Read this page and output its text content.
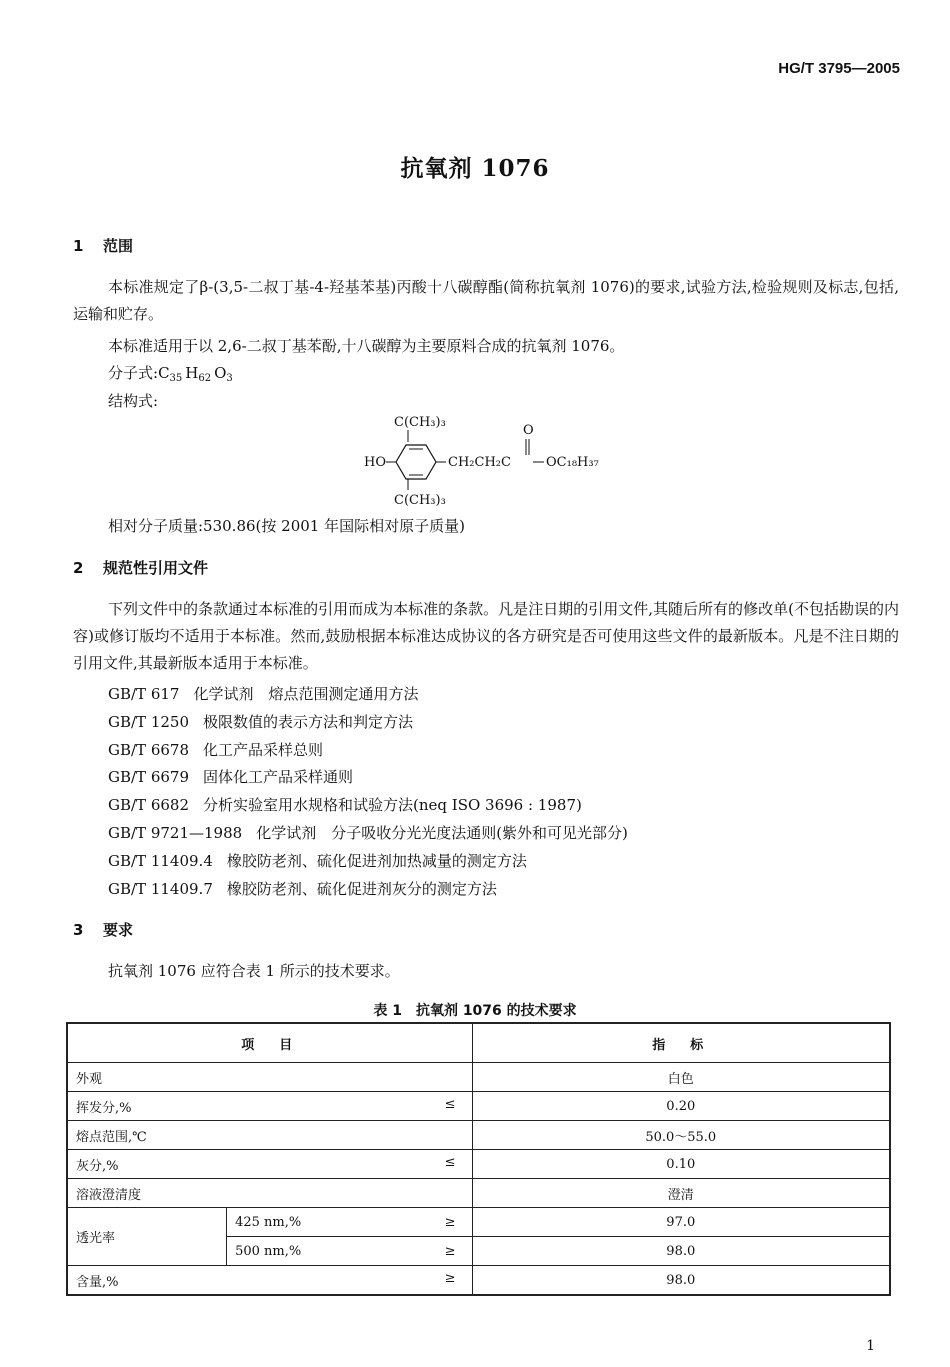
HG/T 3795—2005
抗氧剂 1076
1 范围
本标准规定了β-(3,5-二叔丁基-4-羟基苯基)丙酸十八碳醇酯(简称抗氧剂 1076)的要求,试验方法,检验规则及标志,包括,运输和贮存。
本标准适用于以 2,6-二叔丁基苯酚,十八碳醇为主要原料合成的抗氧剂 1076。
分子式$:C_{35}$ $H_{62}$ $O_3$
结构式:
C(CH₃)₃
O
HO	CH₂CH₂C	OC₁₈H₃₇
C(CH₃)₃
相对分子质量:530.86(按 2001 年国际相对原子质量)
2 规范性引用文件
下列文件中的条款通过本标准的引用而成为本标准的条款。凡是注日期的引用文件,其随后所有的修改单(不包括勘误的内容)或修订版均不适用于本标准。然而,鼓励根据本标准达成协议的各方研究是否可使用这些文件的最新版本。凡是不注日期的引用文件,其最新版本适用于本标准。
GB/T 617 化学试剂　熔点范围测定通用方法
GB/T 1250 极限数值的表示方法和判定方法
GB/T 6678 化工产品采样总则
GB/T 6679 固体化工产品采样通则
GB/T 6682 分析实验室用水规格和试验方法(neq ISO 3696 : 1987)
GB/T 9721—1988 化学试剂　分子吸收分光光度法通则(紫外和可见光部分)
GB/T 11409.4 橡胶防老剂、硫化促进剂加热减量的测定方法
GB/T 11409.7 橡胶防老剂、硫化促进剂灰分的测定方法
3 要求
抗氧剂 1076 应符合表 1 所示的技术要求。
表 1　抗氧剂 1076 的技术要求
项　目		指　标
外观		白色
挥发分,% ≤		0.20
熔点范围,℃		50.0～55.0
灰分,% ≤		0.10
溶液澄清度		澄清
透光率	425 nm,% ≥	97.0
	500 nm,% ≥	98.0
含量,% ≥		98.0
1
